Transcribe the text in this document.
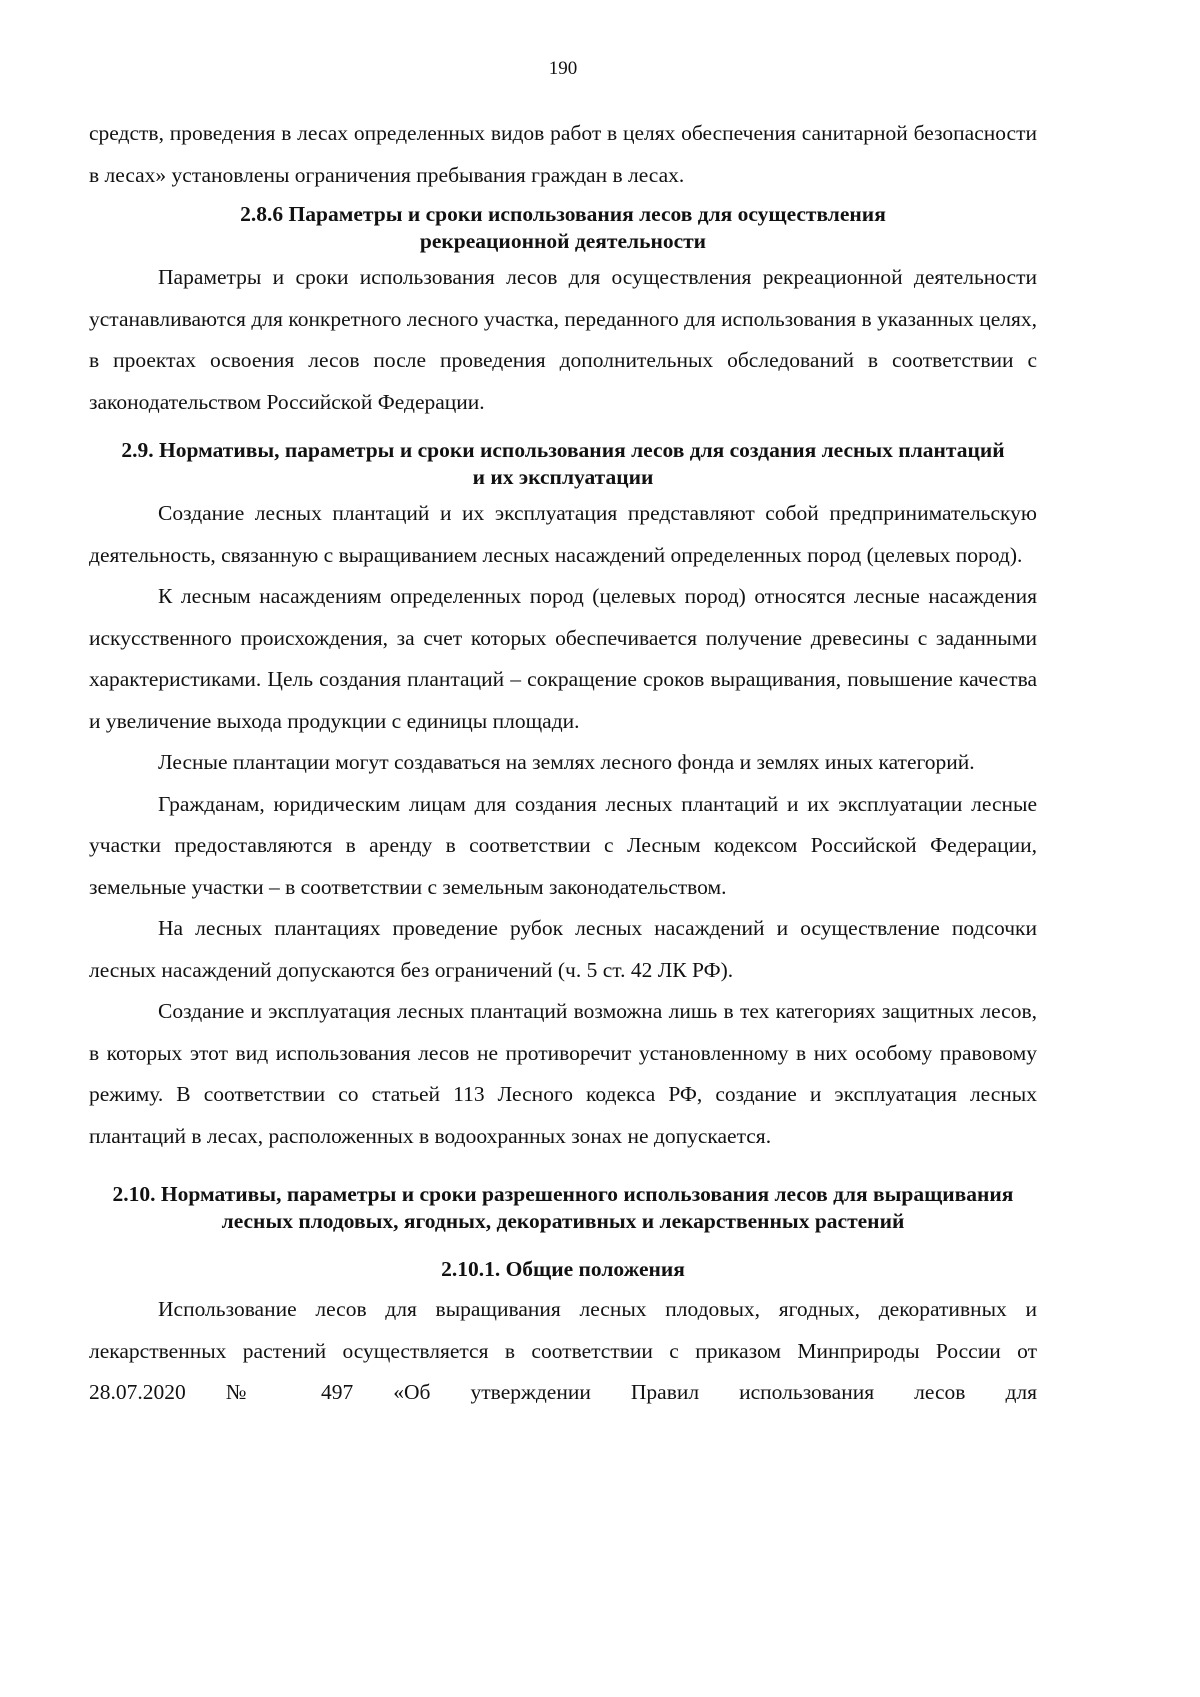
190

средств, проведения в лесах определенных видов работ в целях обеспечения санитарной безопасности в лесах» установлены ограничения пребывания граждан в лесах.

2.8.6 Параметры и сроки использования лесов для осуществления рекреационной деятельности

Параметры и сроки использования лесов для осуществления рекреационной деятельности устанавливаются для конкретного лесного участка, переданного для использования в указанных целях, в проектах освоения лесов после проведения дополнительных обследований в соответствии с законодательством Российской Федерации.

2.9. Нормативы, параметры и сроки использования лесов для создания лесных плантаций и их эксплуатации

Создание лесных плантаций и их эксплуатация представляют собой предпринимательскую деятельность, связанную с выращиванием лесных насаждений определенных пород (целевых пород).

К лесным насаждениям определенных пород (целевых пород) относятся лесные насаждения искусственного происхождения, за счет которых обеспечивается получение древесины с заданными характеристиками. Цель создания плантаций – сокращение сроков выращивания, повышение качества и увеличение выхода продукции с единицы площади.

Лесные плантации могут создаваться на землях лесного фонда и землях иных категорий.

Гражданам, юридическим лицам для создания лесных плантаций и их эксплуатации лесные участки предоставляются в аренду в соответствии с Лесным кодексом Российской Федерации, земельные участки – в соответствии с земельным законодательством.

На лесных плантациях проведение рубок лесных насаждений и осуществление подсочки лесных насаждений допускаются без ограничений (ч. 5 ст. 42 ЛК РФ).

Создание и эксплуатация лесных плантаций возможна лишь в тех категориях защитных лесов, в которых этот вид использования лесов не противоречит установленному в них особому правовому режиму. В соответствии со статьей 113 Лесного кодекса РФ, создание и эксплуатация лесных плантаций в лесах, расположенных в водоохранных зонах не допускается.

2.10. Нормативы, параметры и сроки разрешенного использования лесов для выращивания лесных плодовых, ягодных, декоративных и лекарственных растений
2.10.1. Общие положения

Использование лесов для выращивания лесных плодовых, ягодных, декоративных и лекарственных растений осуществляется в соответствии с приказом Минприроды России от 28.07.2020 № 497 «Об утверждении Правил использования лесов для
